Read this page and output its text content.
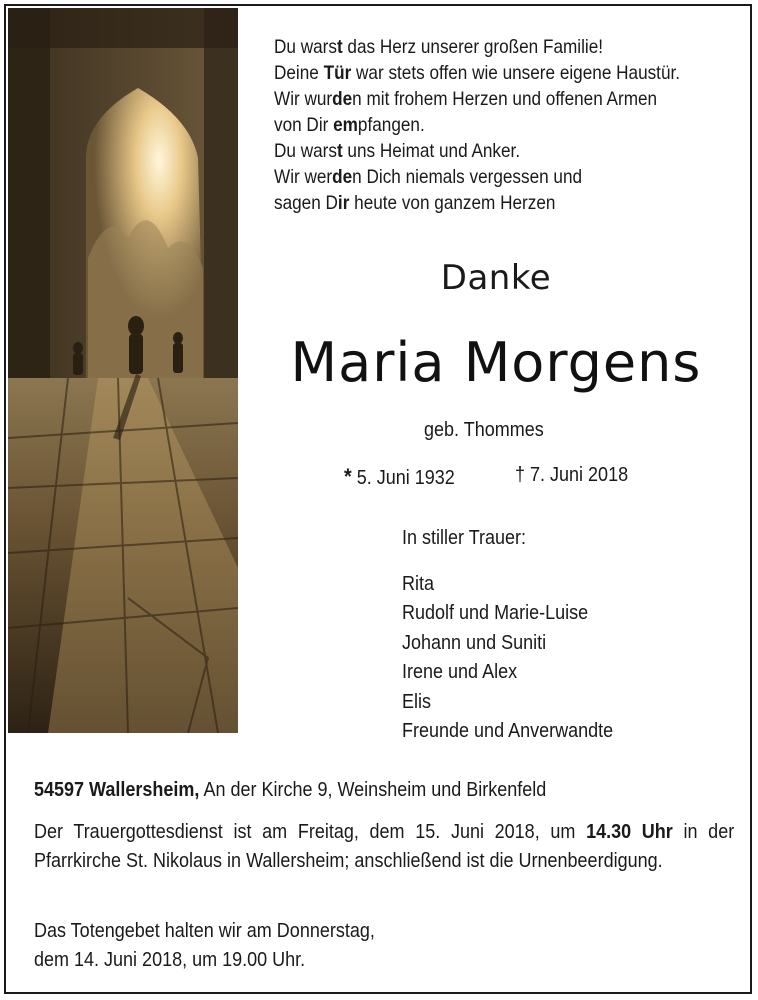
Du warst das Herz unserer großen Familie!
Deine Tür war stets offen wie unsere eigene Haustür.
Wir wurden mit frohem Herzen und offenen Armen
von Dir empfangen.
Du warst uns Heimat und Anker.
Wir werden Dich niemals vergessen und
sagen Dir heute von ganzem Herzen
Danke
Maria Morgens
geb. Thommes
* 5. Juni 1932	† 7. Juni 2018
In stiller Trauer:
Rita
Rudolf und Marie-Luise
Johann und Suniti
Irene und Alex
Elis
Freunde und Anverwandte
54597 Wallersheim, An der Kirche 9, Weinsheim und Birkenfeld
Der Trauergottesdienst ist am Freitag, dem 15. Juni 2018, um 14.30 Uhr in der Pfarrkirche St. Nikolaus in Wallersheim; anschließend ist die Urnenbeerdigung.
Das Totengebet halten wir am Donnerstag,
dem 14. Juni 2018, um 19.00 Uhr.
